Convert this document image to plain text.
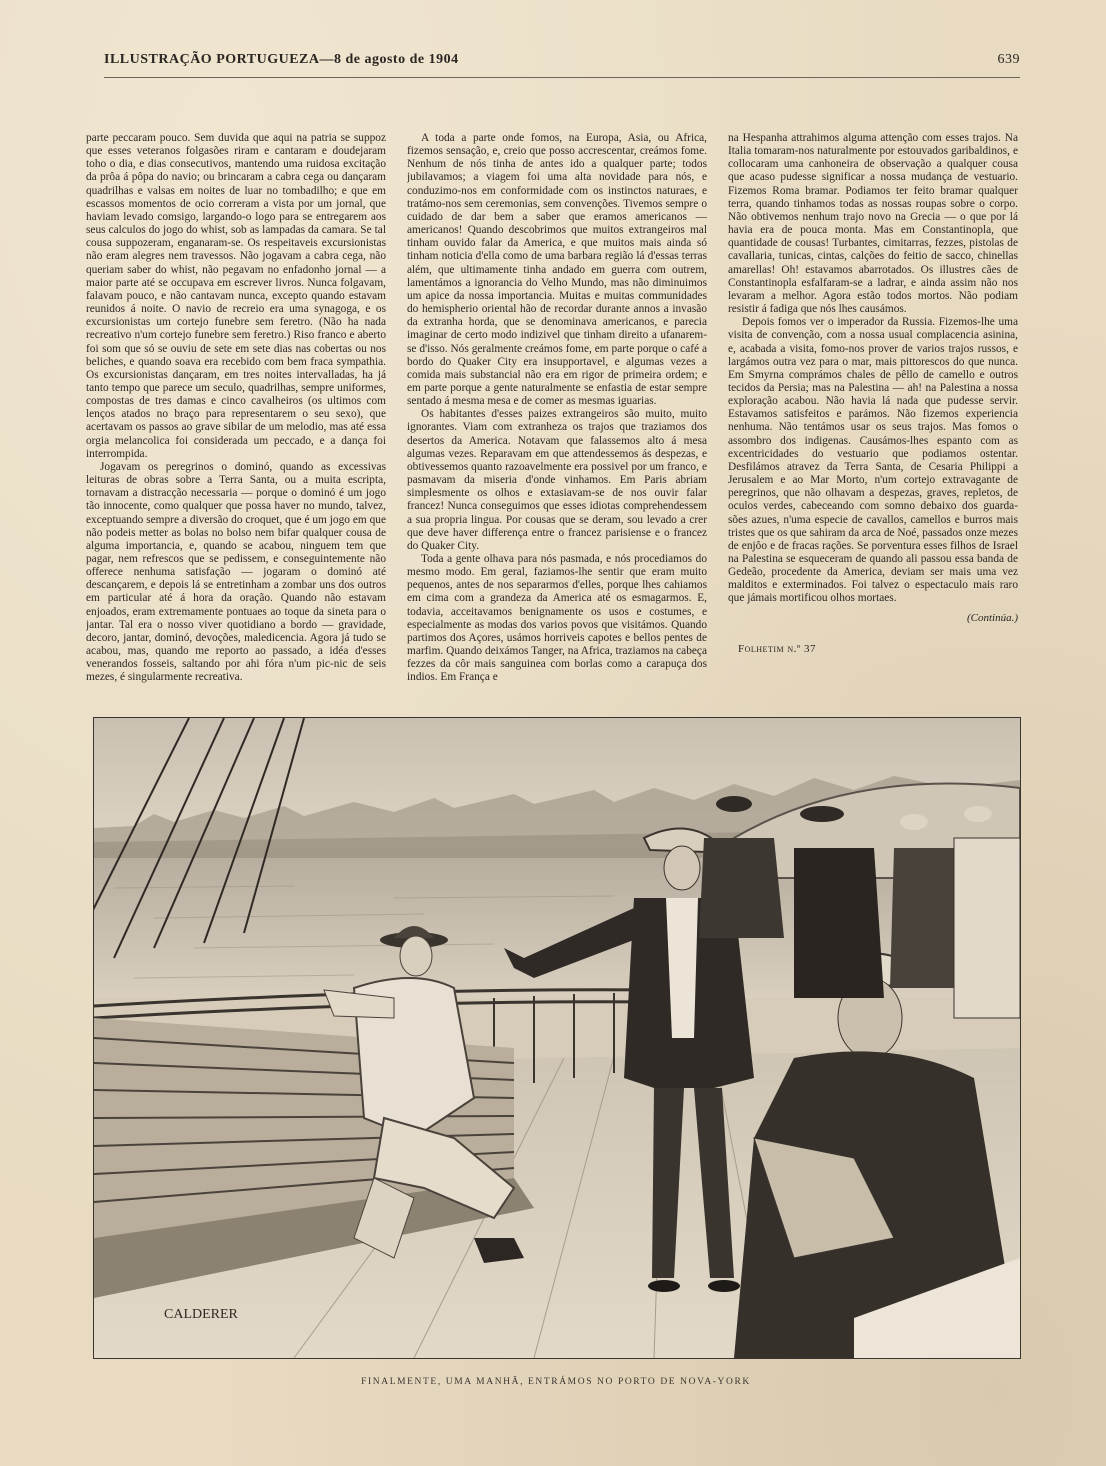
ILLUSTRAÇÃO PORTUGUEZA—8 de agosto de 1904	639

parte peccaram pouco. Sem duvida que aqui na patria se suppoz que esses veteranos folgasões riram e cantaram e doudejaram toho o dia, e dias consecutivos, mantendo uma ruidosa excitação da prôa á pôpa do navio; ou brincaram a cabra cega ou dançaram quadrilhas e valsas em noites de luar no tombadilho; e que em escassos momentos de ocio correram a vista por um jornal, que haviam levado comsigo, largando-o logo para se entregarem aos seus calculos do jogo do whist, sob as lampadas da camara. Se tal cousa suppozeram, enganaram-se. Os respeitaveis excursionistas não eram alegres nem travessos. Não jogavam a cabra cega, não queriam saber do whist, não pegavam no enfadonho jornal — a maior parte até se occupava em escrever livros. Nunca folgavam, falavam pouco, e não cantavam nunca, excepto quando estavam reunidos á noite. O navio de recreio era uma synagoga, e os excursionistas um cortejo funebre sem feretro. (Não ha nada recreativo n'um cortejo funebre sem feretro.) Riso franco e aberto foi som que só se ouviu de sete em sete dias nas cobertas ou nos beliches, e quando soava era recebido com bem fraca sympathia. Os excursionistas dançaram, em tres noites intervalladas, ha já tanto tempo que parece um seculo, quadrilhas, sempre uniformes, compostas de tres damas e cinco cavalheiros (os ultimos com lenços atados no braço para representarem o seu sexo), que acertavam os passos ao grave sibilar de um melodio, mas até essa orgia melancolica foi considerada um peccado, e a dança foi interrompida.

Jogavam os peregrinos o dominó, quando as excessivas leituras de obras sobre a Terra Santa, ou a muita escripta, tornavam a distracção necessaria — porque o dominó é um jogo tão innocente, como qualquer que possa haver no mundo, talvez, exceptuando sempre a diversão do croquet, que é um jogo em que não podeis metter as bolas no bolso nem bifar qualquer cousa de alguma importancia, e, quando se acabou, ninguem tem que pagar, nem refrescos que se pedissem, e conseguintemente não offerece nenhuma satisfação — jogaram o dominó até descançarem, e depois lá se entretinham a zombar uns dos outros em particular até á hora da oração. Quando não estavam enjoados, eram extremamente pontuaes ao toque da sineta para o jantar. Tal era o nosso viver quotidiano a bordo — gravidade, decoro, jantar, dominó, devoções, maledicencia. Agora já tudo se acabou, mas, quando me reporto ao passado, a idéa d'esses venerandos fosseis, saltando por ahi fóra n'um pic-nic de seis mezes, é singularmente recreativa.

A toda a parte onde fomos, na Europa, Asia, ou Africa, fizemos sensação, e, creio que posso accrescentar, creámos fome. Nenhum de nós tinha de antes ido a qualquer parte; todos jubilavamos; a viagem foi uma alta novidade para nós, e conduzimo-nos em conformidade com os instinctos naturaes, e tratámo-nos sem ceremonias, sem convenções. Tivemos sempre o cuidado de dar bem a saber que eramos americanos — americanos! Quando descobrimos que muitos extrangeiros mal tinham ouvido falar da America, e que muitos mais ainda só tinham noticia d'ella como de uma barbara região lá d'essas terras além, que ultimamente tinha andado em guerra com outrem, lamentámos a ignorancia do Velho Mundo, mas não diminuimos um apice da nossa importancia. Muitas e muitas communidades do hemispherio oriental hão de recordar durante annos a invasão da extranha horda, que se denominava americanos, e parecia imaginar de certo modo indizivel que tinham direito a ufanarem-se d'isso. Nós geralmente creámos fome, em parte porque o café a bordo do Quaker City era insupportavel, e algumas vezes a comida mais substancial não era em rigor de primeira ordem; e em parte porque a gente naturalmente se enfastia de estar sempre sentado á mesma mesa e de comer as mesmas iguarias.

Os habitantes d'esses paizes extrangeiros são muito, muito ignorantes. Viam com extranheza os trajos que traziamos dos desertos da America. Notavam que falassemos alto á mesa algumas vezes. Reparavam em que attendessemos ás despezas, e obtivessemos quanto razoavelmente era possivel por um franco, e pasmavam da miseria d'onde vinhamos. Em Paris abriam simplesmente os olhos e extasiavam-se de nos ouvir falar francez! Nunca conseguimos que esses idiotas comprehendessem a sua propria lingua. Por cousas que se deram, sou levado a crer que deve haver differença entre o francez parisiense e o francez do Quaker City.

Toda a gente olhava para nós pasmada, e nós procediamos do mesmo modo. Em geral, faziamos-lhe sentir que eram muito pequenos, antes de nos separarmos d'elles, porque lhes cahiamos em cima com a grandeza da America até os esmagarmos. E, todavia, acceitavamos benignamente os usos e costumes, e especialmente as modas dos varios povos que visitámos. Quando partimos dos Açores, usámos horriveis capotes e bellos pentes de marfim. Quando deixámos Tanger, na Africa, traziamos na cabeça fezzes da côr mais sanguinea com borlas como a carapuça dos indios. Em França e

na Hespanha attrahimos alguma attenção com esses trajos. Na Italia tomaram-nos naturalmente por estouvados garibaldinos, e collocaram uma canhoneira de observação a qualquer cousa que acaso pudesse significar a nossa mudança de vestuario. Fizemos Roma bramar. Podiamos ter feito bramar qualquer terra, quando tinhamos todas as nossas roupas sobre o corpo. Não obtivemos nenhum trajo novo na Grecia — o que por lá havia era de pouca monta. Mas em Constantinopla, que quantidade de cousas! Turbantes, cimitarras, fezzes, pistolas de cavallaria, tunicas, cintas, calções do feitio de sacco, chinellas amarellas! Oh! estavamos abarrotados. Os illustres cães de Constantinopla esfalfaram-se a ladrar, e ainda assim não nos levaram a melhor. Agora estão todos mortos. Não podiam resistir á fadiga que nós lhes causámos.

Depois fomos ver o imperador da Russia. Fizemos-lhe uma visita de convenção, com a nossa usual complacencia asinina, e, acabada a visita, fomo-nos prover de varios trajos russos, e largámos outra vez para o mar, mais pittorescos do que nunca. Em Smyrna comprámos chales de pêllo de camello e outros tecidos da Persia; mas na Palestina — ah! na Palestina a nossa exploração acabou. Não havia lá nada que pudesse servir. Estavamos satisfeitos e parámos. Não fizemos experiencia nenhuma. Não tentámos usar os seus trajos. Mas fomos o assombro dos indigenas. Causámos-lhes espanto com as excentricidades do vestuario que podiamos ostentar. Desfilámos atravez da Terra Santa, de Cesaria Philippi a Jerusalem e ao Mar Morto, n'um cortejo extravagante de peregrinos, que não olhavam a despezas, graves, repletos, de oculos verdes, cabeceando com somno debaixo dos guarda-sões azues, n'uma especie de cavallos, camellos e burros mais tristes que os que sahiram da arca de Noé, passados onze mezes de enjôo e de fracas rações. Se porventura esses filhos de Israel na Palestina se esqueceram de quando ali passou essa banda de Gedeão, procedente da America, deviam ser mais uma vez malditos e exterminados. Foi talvez o espectaculo mais raro que jámais mortificou olhos mortaes.

(Continúa.)
Folhetim n.º 37
CALDERER
FINALMENTE, UMA MANHÃ, ENTRÁMOS NO PORTO DE NOVA-YORK
